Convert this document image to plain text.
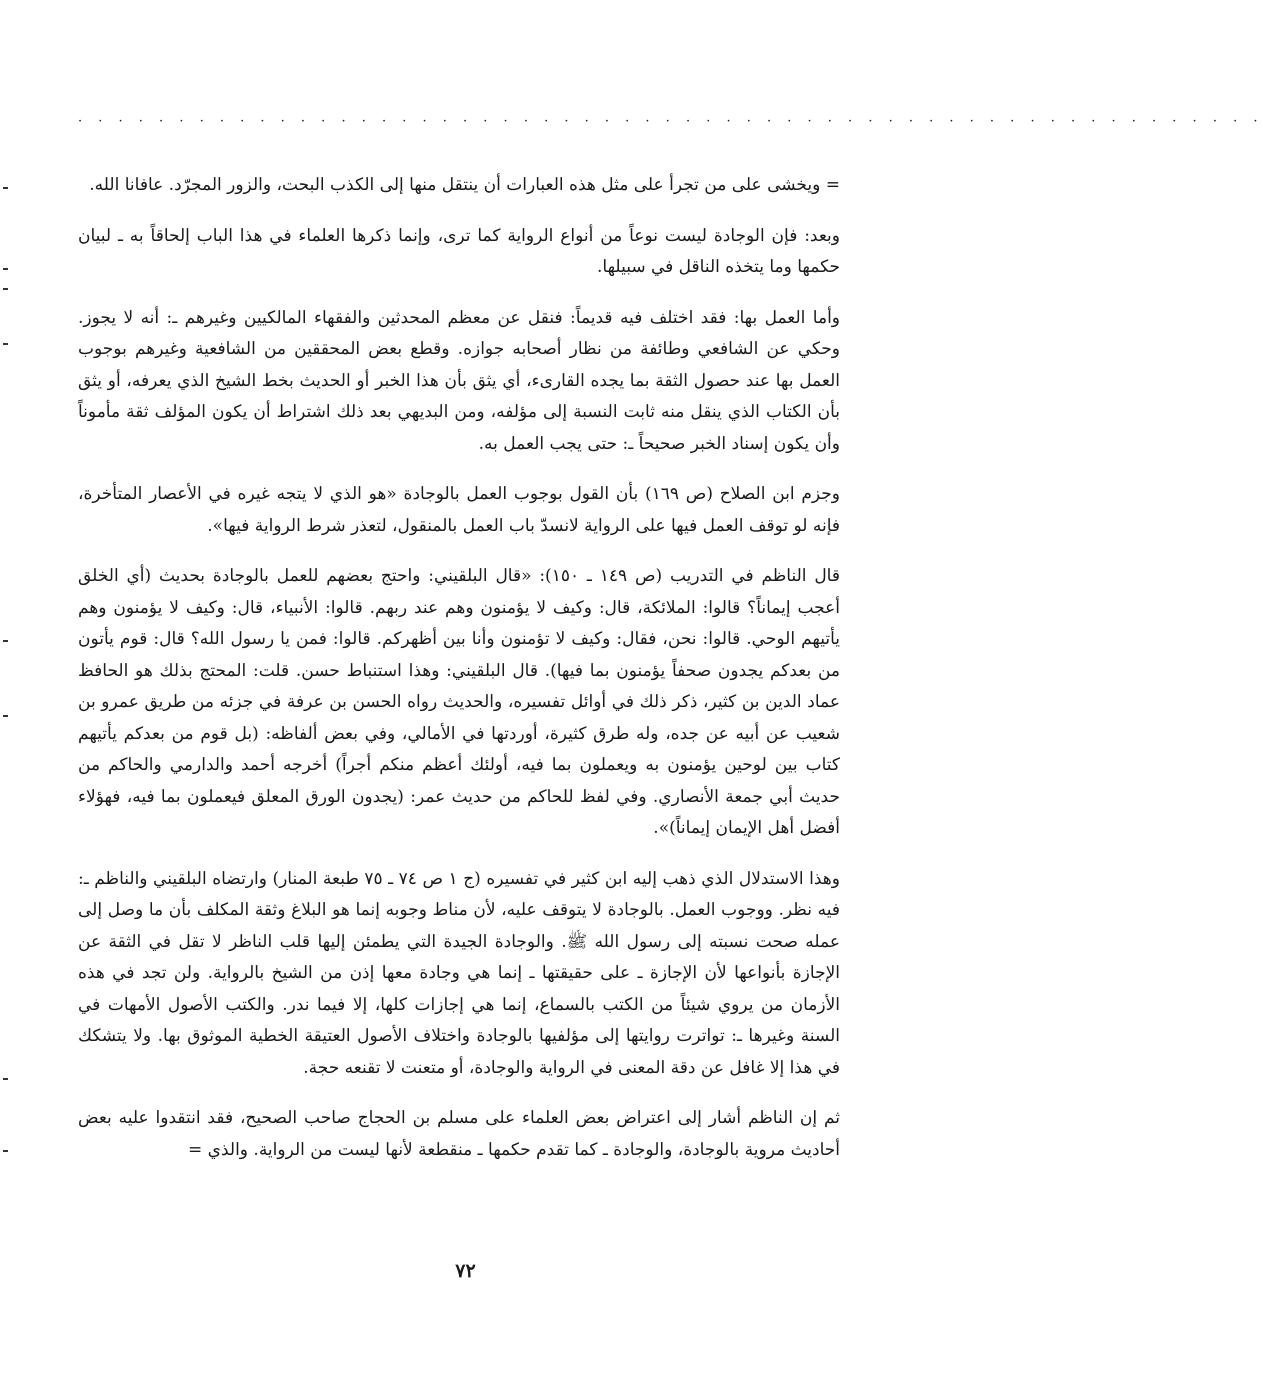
· · · · · · · · · · · · · · · · · · · · · · · · · · · · · · · · · · · · · · · · · · · · · · · · · · · · · · · · · · ·

= ويخشى على من تجرأ على مثل هذه العبارات أن ينتقل منها إلى الكذب البحت، والزور المجرّد. عافانا الله.

وبعد: فإن الوجادة ليست نوعاً من أنواع الرواية كما ترى، وإنما ذكرها العلماء في هذا الباب إلحاقاً به ـ لبيان حكمها وما يتخذه الناقل في سبيلها.

وأما العمل بها: فقد اختلف فيه قديماً: فنقل عن معظم المحدثين والفقهاء المالكيين وغيرهم ـ: أنه لا يجوز. وحكي عن الشافعي وطائفة من نظار أصحابه جوازه. وقطع بعض المحققين من الشافعية وغيرهم بوجوب العمل بها عند حصول الثقة بما يجده القارىء، أي يثق بأن هذا الخبر أو الحديث بخط الشيخ الذي يعرفه، أو يثق بأن الكتاب الذي ينقل منه ثابت النسبة إلى مؤلفه، ومن البديهي بعد ذلك اشتراط أن يكون المؤلف ثقة مأموناً وأن يكون إسناد الخبر صحيحاً ـ: حتى يجب العمل به.

وجزم ابن الصلاح (ص ١٦٩) بأن القول بوجوب العمل بالوجادة «هو الذي لا يتجه غيره في الأعصار المتأخرة، فإنه لو توقف العمل فيها على الرواية لانسدّ باب العمل بالمنقول، لتعذر شرط الرواية فيها».

قال الناظم في التدريب (ص ١٤٩ ـ ١٥٠): «قال البلقيني: واحتج بعضهم للعمل بالوجادة بحديث (أي الخلق أعجب إيماناً؟ قالوا: الملائكة، قال: وكيف لا يؤمنون وهم عند ربهم. قالوا: الأنبياء، قال: وكيف لا يؤمنون وهم يأتيهم الوحي. قالوا: نحن، فقال: وكيف لا تؤمنون وأنا بين أظهركم. قالوا: فمن يا رسول الله؟ قال: قوم يأتون من بعدكم يجدون صحفاً يؤمنون بما فيها). قال البلقيني: وهذا استنباط حسن. قلت: المحتج بذلك هو الحافظ عماد الدين بن كثير، ذكر ذلك في أوائل تفسيره، والحديث رواه الحسن بن عرفة في جزئه من طريق عمرو بن شعيب عن أبيه عن جده، وله طرق كثيرة، أوردتها في الأمالي، وفي بعض ألفاظه: (بل قوم من بعدكم يأتيهم كتاب بين لوحين يؤمنون به ويعملون بما فيه، أولئك أعظم منكم أجراً) أخرجه أحمد والدارمي والحاكم من حديث أبي جمعة الأنصاري. وفي لفظ للحاكم من حديث عمر: (يجدون الورق المعلق فيعملون بما فيه، فهؤلاء أفضل أهل الإيمان إيماناً)».

وهذا الاستدلال الذي ذهب إليه ابن كثير في تفسيره (ج ١ ص ٧٤ ـ ٧٥ طبعة المنار) وارتضاه البلقيني والناظم ـ: فيه نظر. ووجوب العمل. بالوجادة لا يتوقف عليه، لأن مناط وجوبه إنما هو البلاغ وثقة المكلف بأن ما وصل إلى عمله صحت نسبته إلى رسول الله ﷺ. والوجادة الجيدة التي يطمئن إليها قلب الناظر لا تقل في الثقة عن الإجازة بأنواعها لأن الإجازة ـ على حقيقتها ـ إنما هي وجادة معها إذن من الشيخ بالرواية. ولن تجد في هذه الأزمان من يروي شيئاً من الكتب بالسماع، إنما هي إجازات كلها، إلا فيما ندر. والكتب الأصول الأمهات في السنة وغيرها ـ: تواترت روايتها إلى مؤلفيها بالوجادة واختلاف الأصول العتيقة الخطية الموثوق بها. ولا يتشكك في هذا إلا غافل عن دقة المعنى في الرواية والوجادة، أو متعنت لا تقنعه حجة.

ثم إن الناظم أشار إلى اعتراض بعض العلماء على مسلم بن الحجاج صاحب الصحيح، فقد انتقدوا عليه بعض أحاديث مروية بالوجادة، والوجادة ـ كما تقدم حكمها ـ منقطعة لأنها ليست من الرواية. والذي =

٧٢
